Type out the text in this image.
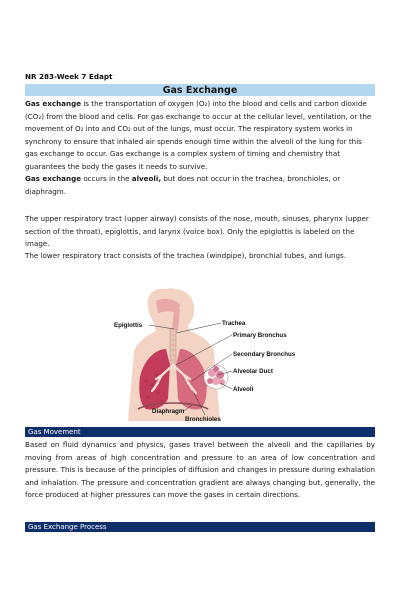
NR 283-Week 7 Edapt
Gas Exchange
Gas exchange is the transportation of oxygen (O₂) into the blood and cells and carbon dioxide (CO₂) from the blood and cells. For gas exchange to occur at the cellular level, ventilation, or the movement of O₂ into and CO₂ out of the lungs, must occur. The respiratory system works in synchrony to ensure that inhaled air spends enough time within the alveoli of the lung for this gas exchange to occur. Gas exchange is a complex system of timing and chemistry that guarantees the body the gases it needs to survive.
Gas exchange occurs in the alveoli, but does not occur in the trachea, bronchioles, or diaphragm.
The upper respiratory tract (upper airway) consists of the nose, mouth, sinuses, pharynx (upper section of the throat), epiglottis, and larynx (voice box). Only the epiglottis is labeled on the image.
The lower respiratory tract consists of the trachea (windpipe), bronchial tubes, and lungs.
Epiglottis	Trachea
Primary Bronchus
Secondary Bronchus
Alveolar Duct
Alveoli
Diaphragm
Bronchioles
Gas Movement
Based on fluid dynamics and physics, gases travel between the alveoli and the capillaries by moving from areas of high concentration and pressure to an area of low concentration and pressure. This is because of the principles of diffusion and changes in pressure during exhalation and inhalation. The pressure and concentration gradient are always changing but, generally, the force produced at higher pressures can move the gases in certain directions.
Gas Exchange Process
